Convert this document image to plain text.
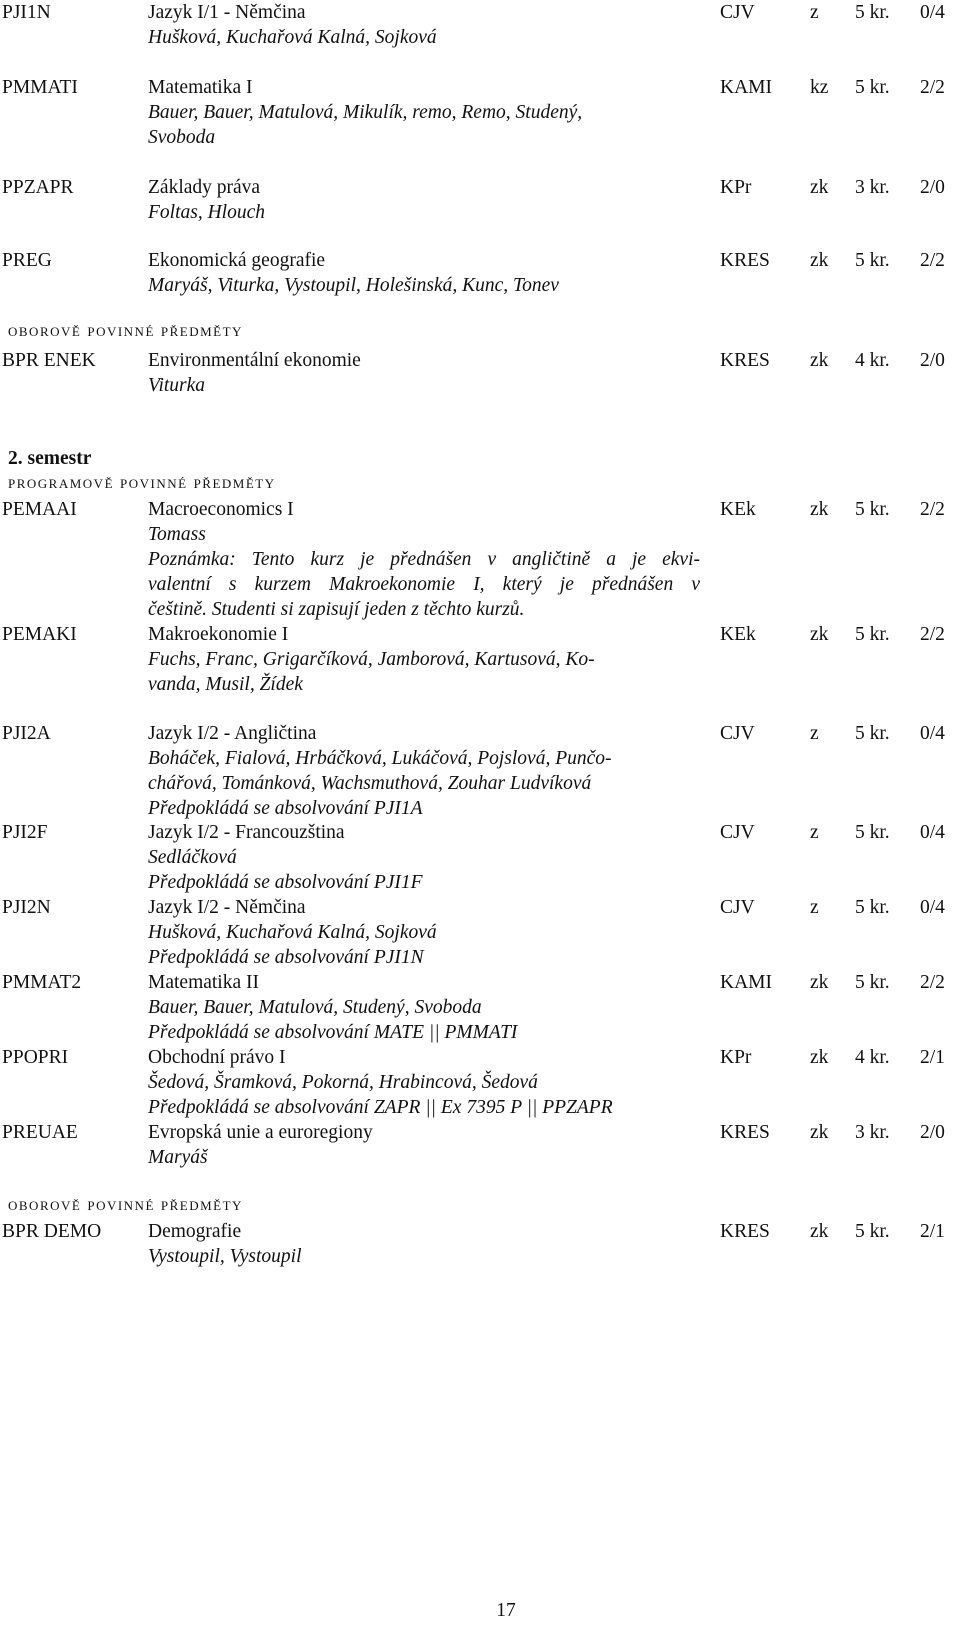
oborově povinné předměty
2. semestr
programově povinné předměty
oborově povinné předměty
17
PJI1N	Jazyk I/1 - Němčina	CJV	z 5 kr. 0/4
Hušková, Kuchařová Kalná, Sojková
PMMATI	Matematika I	KAMI kz 5 kr. 2/2
Bauer, Bauer, Matulová, Mikulík, remo, Remo, Studený,
Svoboda
PPZAPR	Základy práva	KPr	zk 3 kr. 2/0
Foltas, Hlouch
PREG	Ekonomická geografie	KRES zk 5 kr. 2/2
Maryáš, Viturka, Vystoupil, Holešinská, Kunc, Tonev
BPR ENEK	Environmentální ekonomie	KRES zk 4 kr. 2/0
Viturka
PEMAAI	Macroeconomics I	KEk	zk 5 kr. 2/2
Tomass
Poznámka: Tento kurz je přednášen v angličtině a je ekvi-
valentní s kurzem Makroekonomie I, který je přednášen v
češtině. Studenti si zapisují jeden z těchto kurzů.
PEMAKI	Makroekonomie I	KEk	zk 5 kr. 2/2
Fuchs, Franc, Grigarčíková, Jamborová, Kartusová, Ko-
vanda, Musil, Žídek
PJI2A	Jazyk I/2 - Angličtina	CJV	z 5 kr. 0/4
Boháček, Fialová, Hrbáčková, Lukáčová, Pojslová, Punčo-
chářová, Tománková, Wachsmuthová, Zouhar Ludvíková
Předpokládá se absolvování PJI1A
PJI2F	Jazyk I/2 - Francouzština	CJV	z 5 kr. 0/4
Sedláčková
Předpokládá se absolvování PJI1F
PJI2N	Jazyk I/2 - Němčina	CJV	z 5 kr. 0/4
Hušková, Kuchařová Kalná, Sojková
Předpokládá se absolvování PJI1N
PMMAT2	Matematika II	KAMI zk 5 kr. 2/2
Bauer, Bauer, Matulová, Studený, Svoboda
Předpokládá se absolvování MATE || PMMATI
PPOPRI	Obchodní právo I	KPr	zk 4 kr. 2/1
Šedová, Šramková, Pokorná, Hrabincová, Šedová
Předpokládá se absolvování ZAPR || Ex 7395 P || PPZAPR
PREUAE	Evropská unie a euroregiony	KRES zk 3 kr. 2/0
Maryáš
BPR DEMO Demografie	KRES zk 5 kr. 2/1
Vystoupil, Vystoupil
